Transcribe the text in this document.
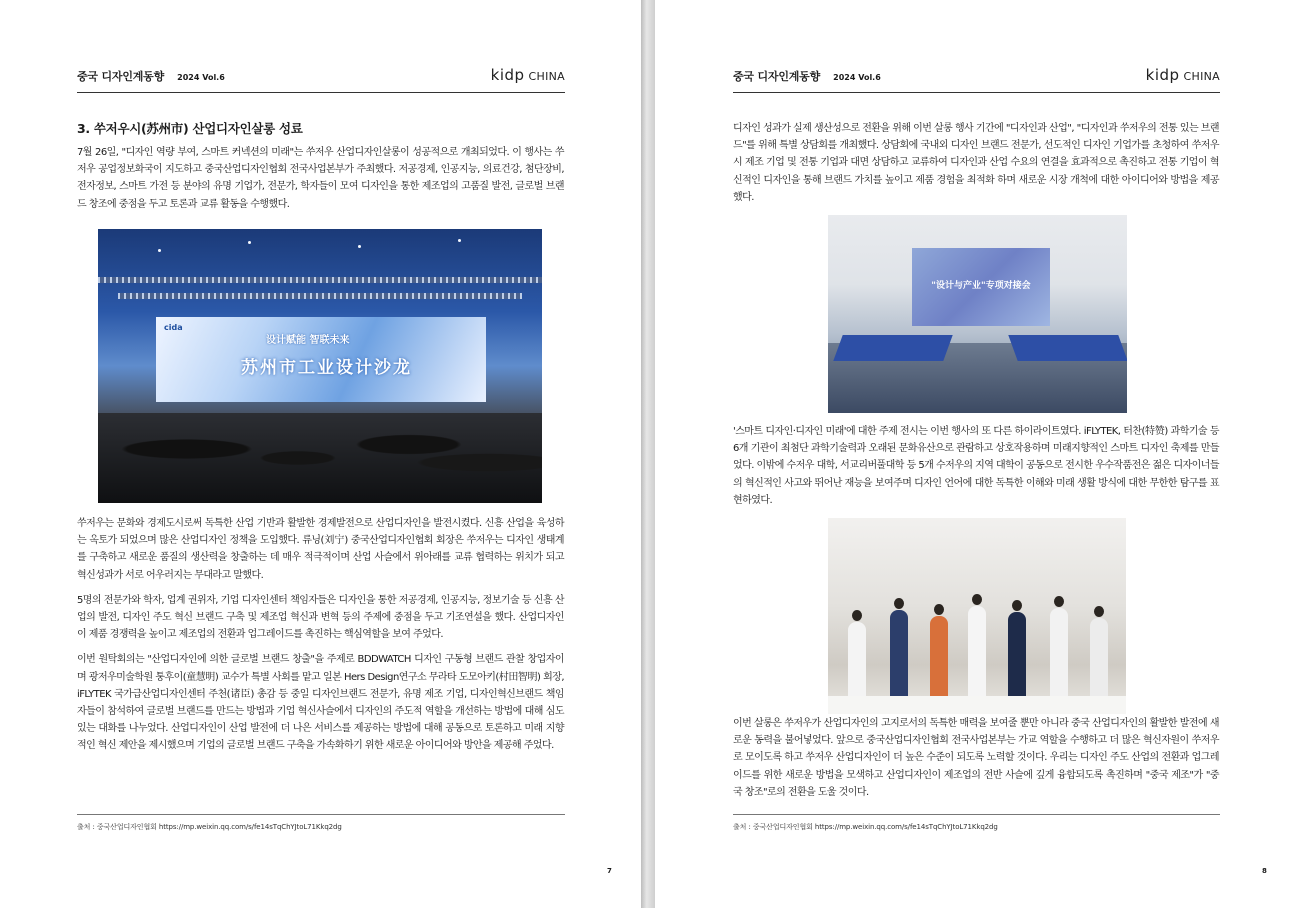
중국 디자인계동향 2024 Vol.6	kidp CHINA
3. 쑤저우시(苏州市) 산업디자인살롱 성료

7월 26일, "디자인 역량 부여, 스마트 커넥션의 미래"는 쑤저우 산업디자인살롱이 성공적으로 개최되었다. 이 행사는 쑤저우 공업정보화국이 지도하고 중국산업디자인협회 전국사업본부가 주최했다. 저공경제, 인공지능, 의료건강, 첨단장비, 전자정보, 스마트 가전 등 분야의 유명 기업가, 전문가, 학자들이 모여 디자인을 통한 제조업의 고품질 발전, 글로벌 브랜드 창조에 중점을 두고 토론과 교류 활동을 수행했다.

cida
设计赋能 智联未来
苏州市工业设计沙龙

쑤저우는 문화와 경제도시로써 독특한 산업 기반과 활발한 경제발전으로 산업디자인을 발전시켰다. 신흥 산업을 육성하는 옥토가 되었으며 많은 산업디자인 정책을 도입했다. 류닝(刘宁) 중국산업디자인협회 회장은 쑤저우는 디자인 생태계를 구축하고 새로운 품질의 생산력을 창출하는 데 매우 적극적이며 산업 사슬에서 위아래를 교류 협력하는 위치가 되고 혁신성과가 서로 어우러지는 무대라고 말했다.

5명의 전문가와 학자, 업계 권위자, 기업 디자인센터 책임자들은 디자인을 통한 저공경제, 인공지능, 정보기술 등 신흥 산업의 발전, 디자인 주도 혁신 브랜드 구축 및 제조업 혁신과 변혁 등의 주제에 중점을 두고 기조연설을 했다. 산업디자인이 제품 경쟁력을 높이고 제조업의 전환과 업그레이드를 촉진하는 핵심역할을 보여 주었다.

이번 원탁회의는 "산업디자인에 의한 글로벌 브랜드 창출"을 주제로 BDDWATCH 디자인 구동형 브랜드 관찰 창업자이며 광저우미술학원 퉁후이(童慧明) 교수가 특별 사회를 맡고 일본 Hers Design연구소 무라타 도모아키(村田智明) 회장, iFLYTEK 국가급산업디자인센터 주천(诸臣) 총감 등 중일 디자인브랜드 전문가, 유명 제조 기업, 디자인혁신브랜드 책임자들이 참석하여 글로벌 브랜드를 만드는 방법과 기업 혁신사슬에서 디자인의 주도적 역할을 개선하는 방법에 대해 심도 있는 대화를 나누었다. 산업디자인이 산업 발전에 더 나은 서비스를 제공하는 방법에 대해 공동으로 토론하고 미래 지향적인 혁신 제안을 제시했으며 기업의 글로벌 브랜드 구축을 가속화하기 위한 새로운 아이디어와 방안을 제공해 주었다.

출처 : 중국산업디자인협회 https://mp.weixin.qq.com/s/fe14sTqChYJtoL71Kkq2dg
7
중국 디자인계동향 2024 Vol.6	kidp CHINA

디자인 성과가 실제 생산성으로 전환을 위해 이번 살롱 행사 기간에 "디자인과 산업", "디자인과 쑤저우의 전통 있는 브랜드"를 위해 특별 상담회를 개최했다. 상담회에 국내외 디자인 브랜드 전문가, 선도적인 디자인 기업가를 초청하여 쑤저우시 제조 기업 및 전통 기업과 대면 상담하고 교류하여 디자인과 산업 수요의 연결을 효과적으로 촉진하고 전통 기업이 혁신적인 디자인을 통해 브랜드 가치를 높이고 제품 경험을 최적화 하며 새로운 시장 개척에 대한 아이디어와 방법을 제공했다.

"设计与产业"专项对接会

'스마트 디자인·디자인 미래'에 대한 주제 전시는 이번 행사의 또 다른 하이라이트였다. iFLYTEK, 터찬(特赞) 과학기술 등 6개 기관이 최첨단 과학기술력과 오래된 문화유산으로 관람하고 상호작용하며 미래지향적인 스마트 디자인 축제를 만들었다. 이밖에 수저우 대학, 서교리버풀대학 등 5개 수저우의 지역 대학이 공동으로 전시한 우수작품전은 젊은 디자이너들의 혁신적인 사고와 뛰어난 재능을 보여주며 디자인 언어에 대한 독특한 이해와 미래 생활 방식에 대한 무한한 탐구를 표현하였다.

이번 살롱은 쑤저우가 산업디자인의 고지로서의 독특한 매력을 보여줄 뿐만 아니라 중국 산업디자인의 활발한 발전에 새로운 동력을 불어넣었다. 앞으로 중국산업디자인협회 전국사업본부는 가교 역할을 수행하고 더 많은 혁신자원이 쑤저우로 모이도록 하고 쑤저우 산업디자인이 더 높은 수준이 되도록 노력할 것이다. 우리는 디자인 주도 산업의 전환과 업그레이드를 위한 새로운 방법을 모색하고 산업디자인이 제조업의 전반 사슬에 깊게 융합되도록 촉진하며 "중국 제조"가 "중국 창조"로의 전환을 도울 것이다.

출처 : 중국산업디자인협회 https://mp.weixin.qq.com/s/fe14sTqChYJtoL71Kkq2dg
8
